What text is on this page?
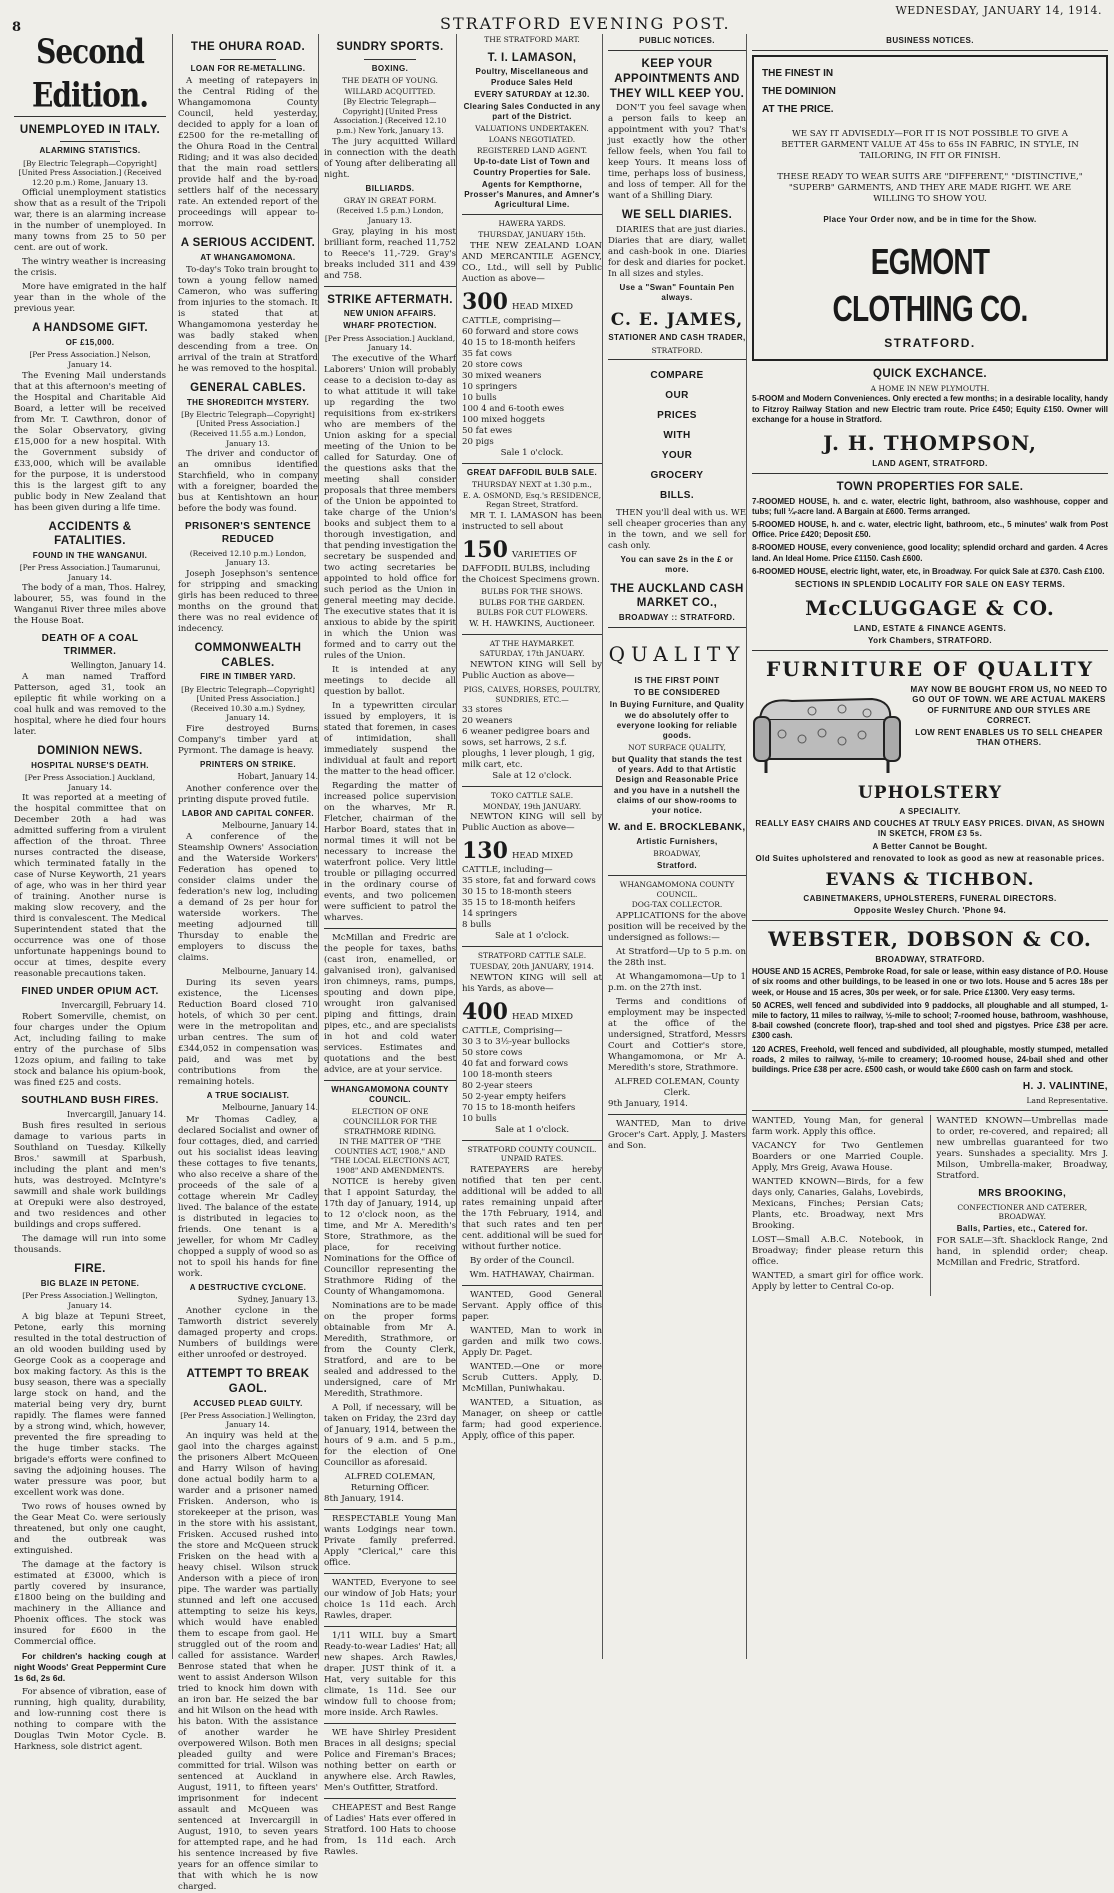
8	STRATFORD EVENING POST.
WEDNESDAY, JANUARY 14, 1914.
Second Edition.
UNEMPLOYED IN ITALY.
ALARMING STATISTICS.
[By Electric Telegraph—Copyright] [United Press Association.] (Received 12.20 p.m.) Rome, January 13.

Official unemployment statistics show that as a result of the Tripoli war, there is an alarming increase in the number of unemployed. In many towns from 25 to 50 per cent. are out of work.

The wintry weather is increasing the crisis.

More have emigrated in the half year than in the whole of the previous year.

A HANDSOME GIFT.
OF £15,000.
[Per Press Association.] Nelson, January 14.

The Evening Mail understands that at this afternoon's meeting of the Hospital and Charitable Aid Board, a letter will be received from Mr. T. Cawthron, donor of the Solar Observatory, giving £15,000 for a new hospital. With the Government subsidy of £33,000, which will be available for the purpose, it is understood this is the largest gift to any public body in New Zealand that has been given during a life time.

ACCIDENTS & FATALITIES.
FOUND IN THE WANGANUI.
[Per Press Association.] Taumarunui, January 14.

The body of a man, Thos. Halrey, labourer, 55, was found in the Wanganui River three miles above the House Boat.

DEATH OF A COAL TRIMMER.
Wellington, January 14.

A man named Trafford Patterson, aged 31, took an epileptic fit while working on a coal hulk and was removed to the hospital, where he died four hours later.

DOMINION NEWS.
HOSPITAL NURSE'S DEATH.
[Per Press Association.] Auckland, January 14.

It was reported at a meeting of the hospital committee that on December 20th a had was admitted suffering from a virulent affection of the throat. Three nurses contracted the disease, which terminated fatally in the case of Nurse Keyworth, 21 years of age, who was in her third year of training. Another nurse is making slow recovery, and the third is convalescent. The Medical Superintendent stated that the occurrence was one of those unfortunate happenings bound to occur at times, despite every reasonable precautions taken.

FINED UNDER OPIUM ACT.
Invercargill, February 14.

Robert Somerville, chemist, on four charges under the Opium Act, including failing to make entry of the purchase of 5lbs 12ozs opium, and failing to take stock and balance his opium-book, was fined £25 and costs.

SOUTHLAND BUSH FIRES.
Invercargill, January 14.

Bush fires resulted in serious damage to various parts in Southland on Tuesday. Kilkelly Bros.' sawmill at Sparbush, including the plant and men's huts, was destroyed. McIntyre's sawmill and shale work buildings at Orepuki were also destroyed, and two residences and other buildings and crops suffered.

The damage will run into some thousands.

FIRE.
BIG BLAZE IN PETONE.
[Per Press Association.] Wellington, January 14.

A big blaze at Tepuni Street, Petone, early this morning resulted in the total destruction of an old wooden building used by George Cook as a cooperage and box making factory. As this is the busy season, there was a specially large stock on hand, and the material being very dry, burnt rapidly. The flames were fanned by a strong wind, which, however, prevented the fire spreading to the huge timber stacks. The brigade's efforts were confined to saving the adjoining houses. The water pressure was poor, but excellent work was done.

Two rows of houses owned by the Gear Meat Co. were seriously threatened, but only one caught, and the outbreak was extinguished.

The damage at the factory is estimated at £3000, which is partly covered by insurance, £1800 being on the building and machinery in the Alliance and Phoenix offices. The stock was insured for £600 in the Commercial office.

For children's hacking cough at night Woods' Great Peppermint Cure 1s 6d, 2s 6d.

For absence of vibration, ease of running, high quality, durability, and low-running cost there is nothing to compare with the Douglas Twin Motor Cycle. B. Harkness, sole district agent.

THE OHURA ROAD.
LOAN FOR RE-METALLING.

A meeting of ratepayers in the Central Riding of the Whangamomona County Council, held yesterday, decided to apply for a loan of £2500 for the re-metalling of the Ohura Road in the Central Riding; and it was also decided that the main road settlers provide half and the by-road settlers half of the necessary rate. An extended report of the proceedings will appear to-morrow.

A SERIOUS ACCIDENT.
AT WHANGAMOMONA.

To-day's Toko train brought to town a young fellow named Cameron, who was suffering from injuries to the stomach. It is stated that at Whangamomona yesterday he was badly staked when descending from a tree. On arrival of the train at Stratford he was removed to the hospital.

GENERAL CABLES.
THE SHOREDITCH MYSTERY.
[By Electric Telegraph—Copyright] [United Press Association.] (Received 11.55 a.m.) London, January 13.

The driver and conductor of an omnibus identified Starchfield, who in company with a foreigner, boarded the bus at Kentishtown an hour before the body was found.

PRISONER'S SENTENCE REDUCED
(Received 12.10 p.m.) London, January 13.

Joseph Josephson's sentence for stripping and smacking girls has been reduced to three months on the ground that there was no real evidence of indecency.

COMMONWEALTH CABLES.
FIRE IN TIMBER YARD.
[By Electric Telegraph—Copyright] [United Press Association.] (Received 10.30 a.m.) Sydney, January 14.

Fire destroyed Burns Company's timber yard at Pyrmont. The damage is heavy.

PRINTERS ON STRIKE.
Hobart, January 14.

Another conference over the printing dispute proved futile.

LABOR AND CAPITAL CONFER.
Melbourne, January 14.

A conference of the Steamship Owners' Association and the Waterside Workers' Federation has opened to consider claims under the federation's new log, including a demand of 2s per hour for waterside workers. The meeting adjourned till Thursday to enable the employers to discuss the claims.

Melbourne, January 14.

During its seven years existence, the Licenses Reduction Board closed 710 hotels, of which 30 per cent. were in the metropolitan and urban centres. The sum of £344,052 in compensation was paid, and was met by contributions from the remaining hotels.

A TRUE SOCIALIST.
Melbourne, January 14.

Mr Thomas Cadley, a declared Socialist and owner of four cottages, died, and carried out his socialist ideas leaving these cottages to five tenants, who also receive a share of the proceeds of the sale of a cottage wherein Mr Cadley lived. The balance of the estate is distributed in legacies to friends. One tenant is a jeweller, for whom Mr Cadley chopped a supply of wood so as not to spoil his hands for fine work.

A DESTRUCTIVE CYCLONE.
Sydney, January 13.

Another cyclone in the Tamworth district severely damaged property and crops. Numbers of buildings were either unroofed or destroyed.

ATTEMPT TO BREAK GAOL.
ACCUSED PLEAD GUILTY.
[Per Press Association.] Wellington, January 14.

An inquiry was held at the gaol into the charges against the prisoners Albert McQueen and Harry Wilson of having done actual bodily harm to a warder and a prisoner named Frisken. Anderson, who is storekeeper at the prison, was in the store with his assistant, Frisken. Accused rushed into the store and McQueen struck Frisken on the head with a heavy chisel. Wilson struck Anderson with a piece of iron pipe. The warder was partially stunned and left one accused attempting to seize his keys, which would have enabled them to escape from gaol. He struggled out of the room and called for assistance. Warder Benrose stated that when he went to assist Anderson Wilson tried to knock him down with an iron bar. He seized the bar and hit Wilson on the head with his baton. With the assistance of another warder he overpowered Wilson. Both men pleaded guilty and were committed for trial. Wilson was sentenced at Auckland in August, 1911, to fifteen years' imprisonment for indecent assault and McQueen was sentenced at Invercargill in August, 1910, to seven years for attempted rape, and he had his sentence increased by five years for an offence similar to that with which he is now charged.

SUNDRY SPORTS.
BOXING.
THE DEATH OF YOUNG.
WILLARD ACQUITTED.
[By Electric Telegraph—Copyright] [United Press Association.] (Received 12.10 p.m.) New York, January 13.

The jury acquitted Willard in connection with the death of Young after deliberating all night.

BILLIARDS.
GRAY IN GREAT FORM.
(Received 1.5 p.m.) London, January 13.

Gray, playing in his most brilliant form, reached 11,752 to Reece's 11,-729. Gray's breaks included 311 and 439 and 758.

STRIKE AFTERMATH.
NEW UNION AFFAIRS.
WHARF PROTECTION.
[Per Press Association.] Auckland, January 14.

The executive of the Wharf Laborers' Union will probably cease to a decision to-day as to what attitude it will take up regarding the two requisitions from ex-strikers who are members of the Union asking for a special meeting of the Union to be called for Saturday. One of the questions asks that the meeting shall consider proposals that three members of the Union be appointed to take charge of the Union's books and subject them to a thorough investigation, and that pending investigation the secretary be suspended and two acting secretaries be appointed to hold office for such period as the Union in general meeting may decide. The executive states that it is anxious to abide by the spirit in which the Union was formed and to carry out the rules of the Union.

It is intended at any meetings to decide all question by ballot.

In a typewritten circular issued by employers, it is stated that foremen, in cases of intimidation, shall immediately suspend the individual at fault and report the matter to the head officer.

Regarding the matter of increased police supervision on the wharves, Mr R. Fletcher, chairman of the Harbor Board, states that in normal times it will not be necessary to increase the waterfront police. Very little trouble or pillaging occurred in the ordinary course of events, and two policemen were sufficient to patrol the wharves.

McMillan and Fredric are the people for taxes, baths (cast iron, enamelled, or galvanised iron), galvanised iron chimneys, rams, pumps, spouting and down pipe, wrought iron galvanised piping and fittings, drain pipes, etc., and are specialists in hot and cold water services. Estimates and quotations and the best advice, are at your service.

WHANGAMOMONA COUNTY COUNCIL.
ELECTION OF ONE COUNCILLOR FOR THE STRATHMORE RIDING.
IN THE MATTER OF "THE COUNTIES ACT, 1908," AND "THE LOCAL ELECTIONS ACT, 1908" AND AMENDMENTS.

NOTICE is hereby given that I appoint Saturday, the 17th day of January, 1914, up to 12 o'clock noon, as the time, and Mr A. Meredith's Store, Strathmore, as the place, for receiving Nominations for the Office of Councillor representing the Strathmore Riding of the County of Whangamomona.

Nominations are to be made on the proper forms obtainable from Mr A. Meredith, Strathmore, or from the County Clerk, Stratford, and are to be sealed and addressed to the undersigned, care of Mr Meredith, Strathmore.

A Poll, if necessary, will be taken on Friday, the 23rd day of January, 1914, between the hours of 9 a.m. and 5 p.m., for the election of One Councillor as aforesaid.

ALFRED COLEMAN, Returning Officer.
8th January, 1914.

RESPECTABLE Young Man wants Lodgings near town. Private family preferred. Apply "Clerical," care this office.

WANTED, Everyone to see our window of Job Hats; your choice 1s 11d each. Arch Rawles, draper.

1/11 WILL buy a Smart Ready-to-wear Ladies' Hat; all new shapes. Arch Rawles, draper. JUST think of it. a Hat, very suitable for this climate, 1s 11d. See our window full to choose from; more inside. Arch Rawles.

WE have Shirley President Braces in all designs; special Police and Fireman's Braces; nothing better on earth or anywhere else. Arch Rawles, Men's Outfitter, Stratford.

CHEAPEST and Best Range of Ladies' Hats ever offered in Stratford. 100 Hats to choose from, 1s 11d each. Arch Rawles.

THE STRATFORD MART.
T. I. LAMASON,
Poultry, Miscellaneous and Produce Sales Held
EVERY SATURDAY at 12.30.
Clearing Sales Conducted in any part of the District.
VALUATIONS UNDERTAKEN.
LOANS NEGOTIATED.
REGISTERED LAND AGENT.
Up-to-date List of Town and Country Properties for Sale.
Agents for Kempthorne, Prosser's Manures, and Amner's Agricultural Lime.
HAWERA YARDS.
THURSDAY, JANUARY 15th.

THE NEW ZEALAND LOAN AND MERCANTILE AGENCY, CO., Ltd., will sell by Public Auction as above—

300 HEAD MIXED CATTLE, comprising—
60 forward and store cows
40 15 to 18-month heifers
35 fat cows
20 store cows
30 mixed weaners
10 springers
10 bulls
100 4 and 6-tooth ewes
100 mixed hoggets
50 fat ewes
20 pigs
Sale 1 o'clock.
GREAT DAFFODIL BULB SALE.
THURSDAY NEXT at 1.30 p.m.,
E. A. OSMOND, Esq.'s RESIDENCE, Regan Street, Stratford.

MR T. I. LAMASON has been instructed to sell about

150 VARIETIES OF DAFFODIL BULBS, including the Choicest Specimens grown.
BULBS FOR THE SHOWS.
BULBS FOR THE GARDEN.
BULBS FOR CUT FLOWERS.
W. H. HAWKINS, Auctioneer.
AT THE HAYMARKET.
SATURDAY, 17th JANUARY.

NEWTON KING will Sell by Public Auction as above—

PIGS, CALVES, HORSES, POULTRY, SUNDRIES, ETC.—
33 stores
20 weaners
6 weaner pedigree boars and sows, set harrows, 2 s.f. ploughs, 1 lever plough, 1 gig, milk cart, etc.
Sale at 12 o'clock.
TOKO CATTLE SALE.
MONDAY, 19th JANUARY.

NEWTON KING will sell by Public Auction as above—

130 HEAD MIXED CATTLE, including—
35 store, fat and forward cows
30 15 to 18-month steers
35 15 to 18-month heifers
14 springers
8 bulls
Sale at 1 o'clock.
STRATFORD CATTLE SALE.
TUESDAY, 20th JANUARY, 1914.

NEWTON KING will sell at his Yards, as above—

400 HEAD MIXED CATTLE, Comprising—
30 3 to 3½-year bullocks
50 store cows
40 fat and forward cows
100 18-month steers
80 2-year steers
50 2-year empty heifers
70 15 to 18-month heifers
10 bulls
Sale at 1 o'clock.
STRATFORD COUNTY COUNCIL. UNPAID RATES.

RATEPAYERS are hereby notified that ten per cent. additional will be added to all rates remaining unpaid after the 17th February, 1914, and that such rates and ten per cent. additional will be sued for without further notice.

By order of the Council.

Wm. HATHAWAY, Chairman.

WANTED, Good General Servant. Apply office of this paper.

WANTED, Man to work in garden and milk two cows. Apply Dr. Paget.

WANTED.—One or more Scrub Cutters. Apply, D. McMillan, Puniwhakau.

WANTED, a Situation, as Manager, on sheep or cattle farm; had good experience. Apply, office of this paper.

PUBLIC NOTICES.
KEEP YOUR APPOINTMENTS AND THEY WILL KEEP YOU.

DON'T you feel savage when a person fails to keep an appointment with you? That's just exactly how the other fellow feels, when You fail to keep Yours. It means loss of time, perhaps loss of business, and loss of temper. All for the want of a Shilling Diary.

WE SELL DIARIES.

DIARIES that are just diaries. Diaries that are diary, wallet and cash-book in one. Diaries for desk and diaries for pocket. In all sizes and styles.

Use a "Swan" Fountain Pen always.
C. E. JAMES,
STATIONER AND CASH TRADER,
STRATFORD.
COMPARE
OUR
PRICES
WITH
YOUR
GROCERY
BILLS.

THEN you'll deal with us. WE sell cheaper groceries than any in the town, and we sell for cash only.

You can save 2s in the £ or more.
THE AUCKLAND CASH MARKET CO.,
BROADWAY :: STRATFORD.
QUALITY
IS THE FIRST POINT
TO BE CONSIDERED
In Buying Furniture, and Quality we do absolutely offer to everyone looking for reliable goods.
NOT SURFACE QUALITY,
but Quality that stands the test of years. Add to that Artistic Design and Reasonable Price and you have in a nutshell the claims of our show-rooms to your notice.
W. and E. BROCKLEBANK,
Artistic Furnishers,
BROADWAY,
Stratford.
WHANGAMOMONA COUNTY COUNCIL.
DOG-TAX COLLECTOR.

APPLICATIONS for the above position will be received by the undersigned as follows:—

At Stratford—Up to 5 p.m. on the 28th inst.

At Whangamomona—Up to 1 p.m. on the 27th inst.

Terms and conditions of employment may be inspected at the office of the undersigned, Stratford, Messrs Court and Cottier's store, Whangamomona, or Mr A. Meredith's store, Strathmore.

ALFRED COLEMAN, County Clerk.
9th January, 1914.

WANTED, Man to drive Grocer's Cart. Apply, J. Masters and Son.

BUSINESS NOTICES.
THE FINEST IN
THE DOMINION
AT THE PRICE.
WE SAY IT ADVISEDLY—FOR IT IS NOT POSSIBLE TO GIVE A BETTER GARMENT VALUE AT 45s to 65s IN FABRIC, IN STYLE, IN TAILORING, IN FIT OR FINISH.
THESE READY TO WEAR SUITS ARE "DIFFERENT," "DISTINCTIVE," "SUPERB" GARMENTS, AND THEY ARE MADE RIGHT. WE ARE WILLING TO SHOW YOU.
Place Your Order now, and be in time for the Show.
EGMONT CLOTHING CO.
STRATFORD.
QUICK EXCHANCE.
A HOME IN NEW PLYMOUTH.

5-ROOM and Modern Conveniences. Only erected a few months; in a desirable locality, handy to Fitzroy Railway Station and new Electric tram route. Price £450; Equity £150. Owner will exchange for a house in Stratford.

J. H. THOMPSON,
LAND AGENT, STRATFORD.
TOWN PROPERTIES FOR SALE.

7-ROOMED HOUSE, h. and c. water, electric light, bathroom, also washhouse, copper and tubs; full ¼-acre land. A Bargain at £600. Terms arranged.

5-ROOMED HOUSE, h. and c. water, electric light, bathroom, etc., 5 minutes' walk from Post Office. Price £420; Deposit £50.

8-ROOMED HOUSE, every convenience, good locality; splendid orchard and garden. 4 Acres land. An Ideal Home. Price £1150. Cash £600.

6-ROOMED HOUSE, electric light, water, etc, in Broadway. For quick Sale at £370. Cash £100.

SECTIONS IN SPLENDID LOCALITY FOR SALE ON EASY TERMS.
McCLUGGAGE & CO.
LAND, ESTATE & FINANCE AGENTS.
York Chambers, STRATFORD.
FURNITURE OF QUALITY
MAY NOW BE BOUGHT FROM US, NO NEED TO GO OUT OF TOWN. WE ARE ACTUAL MAKERS OF FURNITURE AND OUR STYLES ARE CORRECT.
LOW RENT ENABLES US TO SELL CHEAPER THAN OTHERS.
UPHOLSTERY
A SPECIALITY.
REALLY EASY CHAIRS AND COUCHES AT TRULY EASY PRICES. DIVAN, AS SHOWN IN SKETCH, FROM £3 5s.
A Better Cannot be Bought.
Old Suites upholstered and renovated to look as good as new at reasonable prices.
EVANS & TICHBON.
CABINETMAKERS, UPHOLSTERERS, FUNERAL DIRECTORS.
Opposite Wesley Church. 'Phone 94.
WEBSTER, DOBSON & CO.
BROADWAY, STRATFORD.

HOUSE AND 15 ACRES, Pembroke Road, for sale or lease, within easy distance of P.O. House of six rooms and other buildings, to be leased in one or two lots. House and 5 acres 18s per week, or House and 15 acres, 30s per week, or for sale. Price £1300. Very easy terms.

50 ACRES, well fenced and subdivided into 9 paddocks, all ploughable and all stumped, 1-mile to factory, 11 miles to railway, ½-mile to school; 7-roomed house, bathroom, washhouse, 8-bail cowshed (concrete floor), trap-shed and tool shed and pigstyes. Price £38 per acre. £300 cash.

120 ACRES, Freehold, well fenced and subdivided, all ploughable, mostly stumped, metalled roads, 2 miles to railway, ½-mile to creamery; 10-roomed house, 24-bail shed and other buildings. Price £38 per acre. £500 cash, or would take £600 cash on farm and stock.

H. J. VALINTINE,
Land Representative.

WANTED, Young Man, for general farm work. Apply this office.

VACANCY for Two Gentlemen Boarders or one Married Couple. Apply, Mrs Greig, Avawa House.

WANTED KNOWN—Birds, for a few days only, Canaries, Galahs, Lovebirds, Mexicans, Finches; Persian Cats; Plants, etc. Broadway, next Mrs Brooking.

LOST—Small A.B.C. Notebook, in Broadway; finder please return this office.

WANTED, a smart girl for office work. Apply by letter to Central Co-op.

WANTED KNOWN—Umbrellas made to order, re-covered, and repaired; all new umbrellas guaranteed for two years. Sunshades a speciality. Mrs J. Milson, Umbrella-maker, Broadway, Stratford.

MRS BROOKING,
CONFECTIONER AND CATERER, BROADWAY.
Balls, Parties, etc., Catered for.

FOR SALE—3ft. Shacklock Range, 2nd hand, in splendid order; cheap. McMillan and Fredric, Stratford.
